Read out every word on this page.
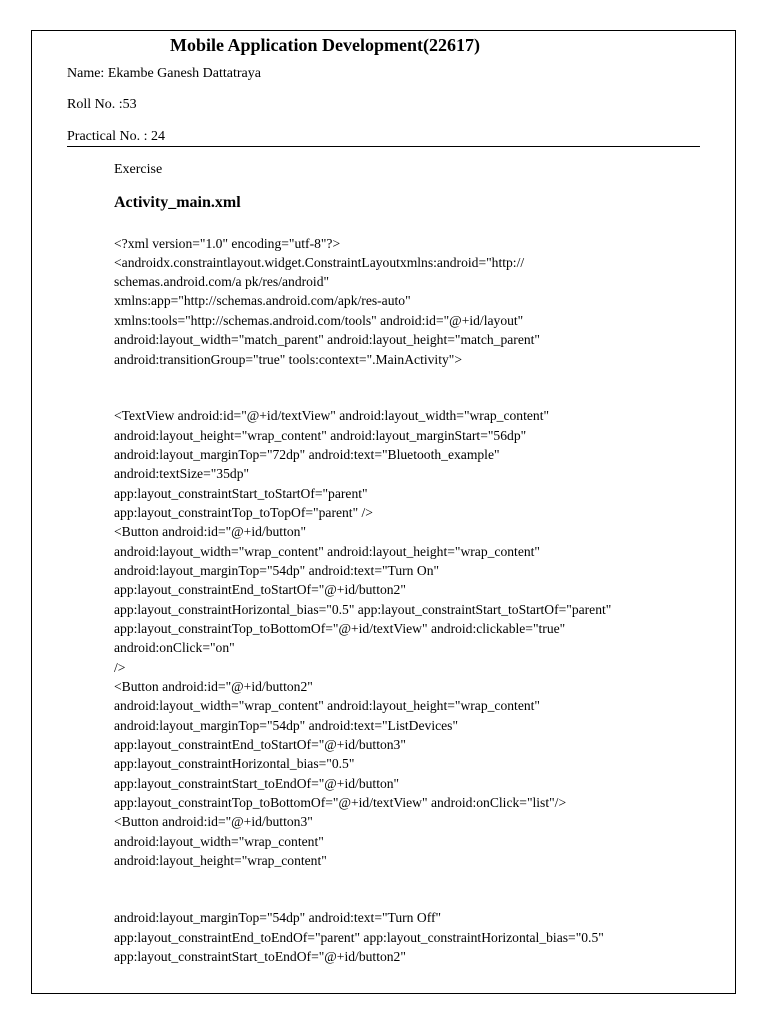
Mobile Application Development(22617)
Name: Ekambe Ganesh Dattatraya
Roll No. :53
Practical No. : 24
Exercise
Activity_main.xml
<?xml version="1.0" encoding="utf-8"?>
<androidx.constraintlayout.widget.ConstraintLayoutxmlns:android="http://
schemas.android.com/a pk/res/android"
xmlns:app="http://schemas.android.com/apk/res-auto"
xmlns:tools="http://schemas.android.com/tools" android:id="@+id/layout"
android:layout_width="match_parent" android:layout_height="match_parent"
android:transitionGroup="true" tools:context=".MainActivity">
<TextView android:id="@+id/textView" android:layout_width="wrap_content"
android:layout_height="wrap_content" android:layout_marginStart="56dp"
android:layout_marginTop="72dp" android:text="Bluetooth_example"
android:textSize="35dp"
app:layout_constraintStart_toStartOf="parent"
app:layout_constraintTop_toTopOf="parent" />
<Button android:id="@+id/button"
android:layout_width="wrap_content" android:layout_height="wrap_content"
android:layout_marginTop="54dp" android:text="Turn On"
app:layout_constraintEnd_toStartOf="@+id/button2"
app:layout_constraintHorizontal_bias="0.5" app:layout_constraintStart_toStartOf="parent"
app:layout_constraintTop_toBottomOf="@+id/textView" android:clickable="true"
android:onClick="on"
/>
<Button android:id="@+id/button2"
android:layout_width="wrap_content" android:layout_height="wrap_content"
android:layout_marginTop="54dp" android:text="ListDevices"
app:layout_constraintEnd_toStartOf="@+id/button3"
app:layout_constraintHorizontal_bias="0.5"
app:layout_constraintStart_toEndOf="@+id/button"
app:layout_constraintTop_toBottomOf="@+id/textView" android:onClick="list"/>
<Button android:id="@+id/button3"
android:layout_width="wrap_content"
android:layout_height="wrap_content"
android:layout_marginTop="54dp" android:text="Turn Off"
app:layout_constraintEnd_toEndOf="parent" app:layout_constraintHorizontal_bias="0.5"
app:layout_constraintStart_toEndOf="@+id/button2"
